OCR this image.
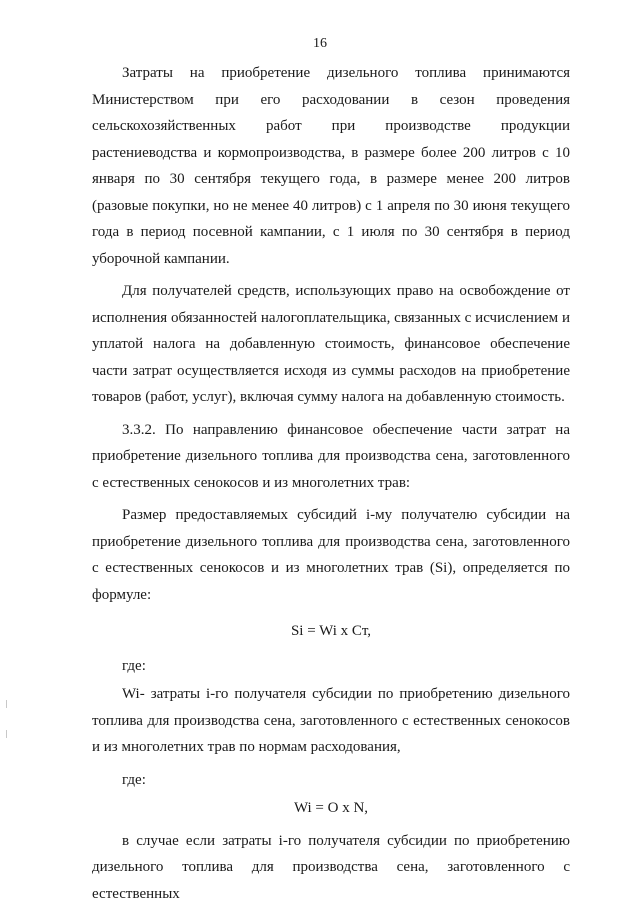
16

Затраты на приобретение дизельного топлива принимаются Министерством при его расходовании в сезон проведения сельскохозяйственных работ при производстве продукции растениеводства и кормопроизводства, в размере более 200 литров с 10 января по 30 сентября текущего года, в размере менее 200 литров (разовые покупки, но не менее 40 литров) с 1 апреля по 30 июня текущего года в период посевной кампании, с 1 июля по 30 сентября в период уборочной кампании.

Для получателей средств, использующих право на освобождение от исполнения обязанностей налогоплательщика, связанных с исчислением и уплатой налога на добавленную стоимость, финансовое обеспечение части затрат осуществляется исходя из суммы расходов на приобретение товаров (работ, услуг), включая сумму налога на добавленную стоимость.

3.3.2. По направлению финансовое обеспечение части затрат на приобретение дизельного топлива для производства сена, заготовленного с естественных сенокосов и из многолетних трав:

Размер предоставляемых субсидий i-му получателю субсидии на приобретение дизельного топлива для производства сена, заготовленного с естественных сенокосов и из многолетних трав (Si), определяется по формуле:

Si = Wi x Cт,

где:

Wi- затраты i-го получателя субсидии по приобретению дизельного топлива для производства сена, заготовленного с естественных сенокосов и из многолетних трав по нормам расходования,

где:

Wi = O x N,

в случае если затраты i-го получателя субсидии по приобретению дизельного топлива для производства сена, заготовленного с естественных
